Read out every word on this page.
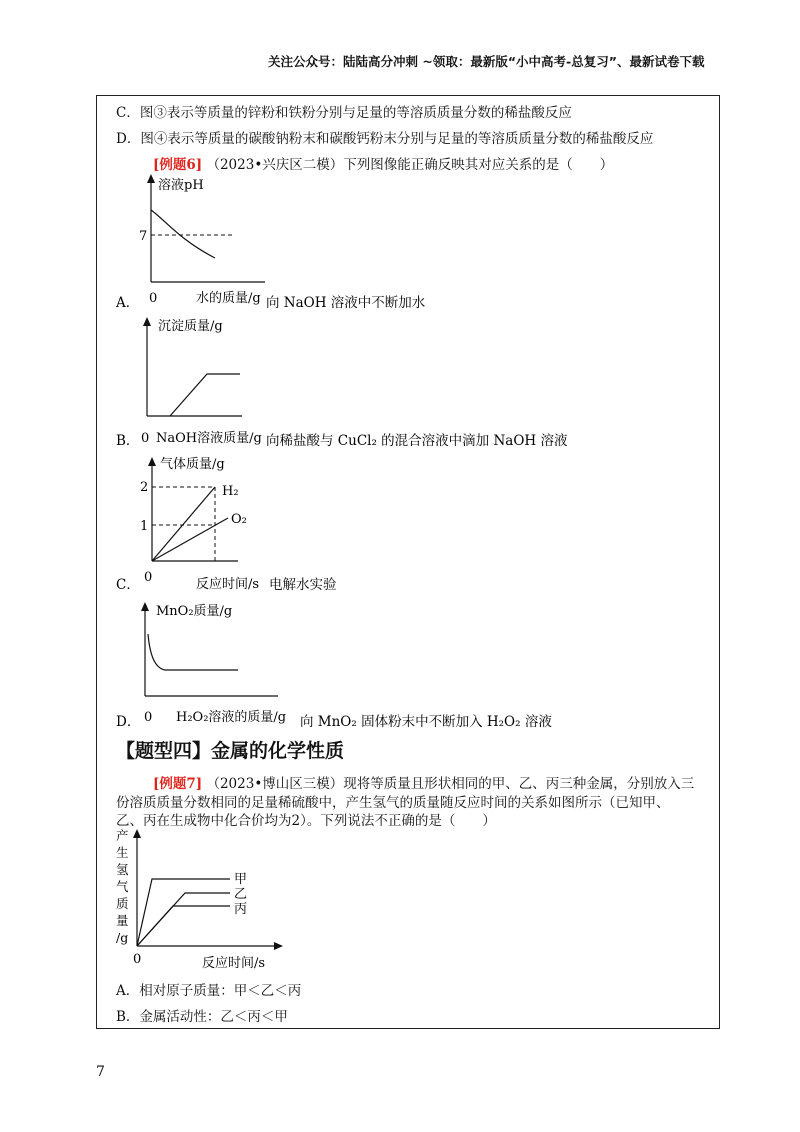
关注公众号：陆陆高分冲刺 ~领取：最新版“小中高考-总复习”、最新试卷下载
C．图③表示等质量的锌粉和铁粉分别与足量的等溶质质量分数的稀盐酸反应
D．图④表示等质量的碳酸钠粉末和碳酸钙粉末分别与足量的等溶质质量分数的稀盐酸反应
[例题6] （2023•兴庆区二模）下列图像能正确反映其对应关系的是（　　）
溶液pH
7
0	水的质量/g
A．	向 NaOH 溶液中不断加水
沉淀质量/g
0 NaOH溶液质量/g
B．	向稀盐酸与 CuCl₂ 的混合溶液中滴加 NaOH 溶液
气体质量/g
2
1
H₂
O₂
0	反应时间/s
C．	电解水实验
MnO₂质量/g
0 H₂O₂溶液的质量/g
D．	向 MnO₂ 固体粉末中不断加入 H₂O₂ 溶液
【题型四】金属的化学性质
[例题7] （2023•博山区三模）现将等质量且形状相同的甲、乙、丙三种金属，分别放入三
份溶质质量分数相同的足量稀硫酸中，产生氢气的质量随反应时间的关系如图所示（已知甲、
乙、丙在生成物中化合价均为2）。下列说法不正确的是（　　）
产
生
氢
气
质
量
/g
甲
乙
丙
0	反应时间/s
A．相对原子质量：甲＜乙＜丙
B．金属活动性：乙＜丙＜甲
7
